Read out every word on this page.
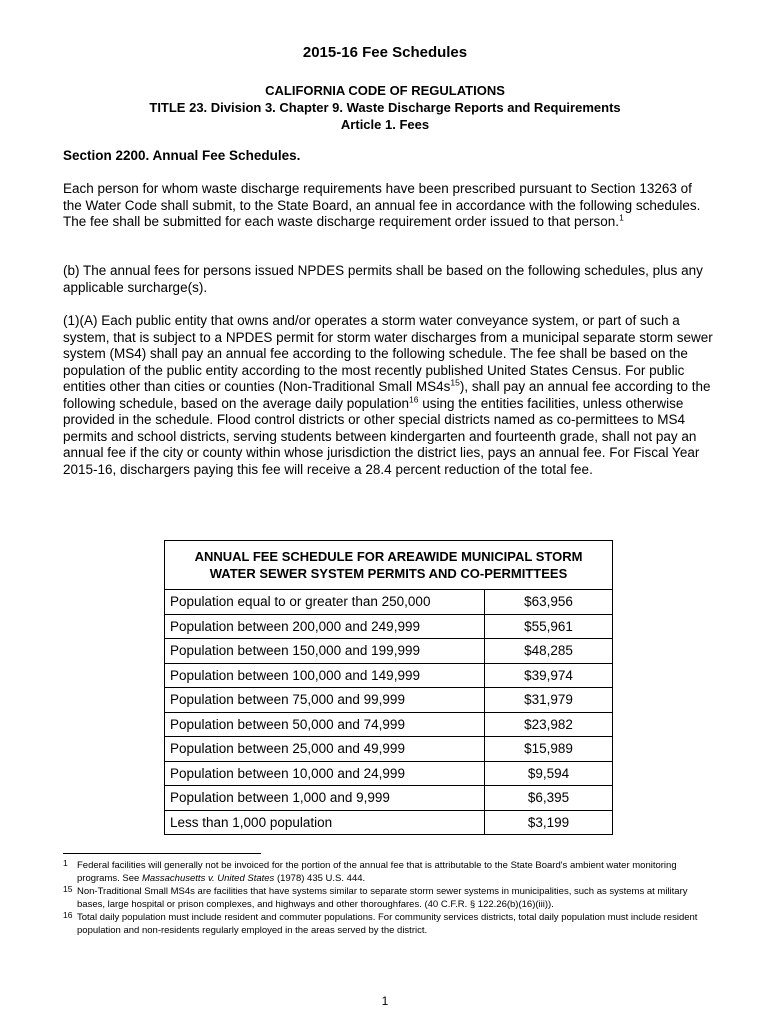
2015-16 Fee Schedules
CALIFORNIA CODE OF REGULATIONS
TITLE 23. Division 3. Chapter 9. Waste Discharge Reports and Requirements
Article 1. Fees
Section 2200. Annual Fee Schedules.

Each person for whom waste discharge requirements have been prescribed pursuant to Section 13263 of the Water Code shall submit, to the State Board, an annual fee in accordance with the following schedules. The fee shall be submitted for each waste discharge requirement order issued to that person.$^1$

(b) The annual fees for persons issued NPDES permits shall be based on the following schedules, plus any applicable surcharge(s).

(1)(A) Each public entity that owns and/or operates a storm water conveyance system, or part of such a system, that is subject to a NPDES permit for storm water discharges from a municipal separate storm sewer system (MS4) shall pay an annual fee according to the following schedule. The fee shall be based on the population of the public entity according to the most recently published United States Census. For public entities other than cities or counties (Non-Traditional Small $MS4s^{15}$), shall pay an annual fee according to the following schedule, based on the average daily population$^{16}$ using the entities facilities, unless otherwise provided in the schedule. Flood control districts or other special districts named as co-permittees to MS4 permits and school districts, serving students between kindergarten and fourteenth grade, shall not pay an annual fee if the city or county within whose jurisdiction the district lies, pays an annual fee. For Fiscal Year 2015-16, dischargers paying this fee will receive a 28.4 percent reduction of the total fee.

ANNUAL FEE SCHEDULE FOR AREAWIDE MUNICIPAL STORM
WATER SEWER SYSTEM PERMITS AND CO-PERMITTEES	

Population equal to or greater than 250,000	$63,956
Population between 200,000 and 249,999	$55,961
Population between 150,000 and 199,999	$48,285
Population between 100,000 and 149,999	$39,974
Population between 75,000 and 99,999	$31,979
Population between 50,000 and 74,999	$23,982
Population between 25,000 and 49,999	$15,989
Population between 10,000 and 24,999	$9,594
Population between 1,000 and 9,999	$6,395
Less than 1,000 population	$3,199
1 Federal facilities will generally not be invoiced for the portion of the annual fee that is attributable to the State Board's ambient water monitoring programs. See Massachusetts v. United States (1978) 435 U.S. 444.
15 Non-Traditional Small MS4s are facilities that have systems similar to separate storm sewer systems in municipalities, such as systems at military bases, large hospital or prison complexes, and highways and other thoroughfares. (40 C.F.R. § 122.26(b)(16)(iii)).
16 Total daily population must include resident and commuter populations. For community services districts, total daily population must include resident population and non-residents regularly employed in the areas served by the district.
1
